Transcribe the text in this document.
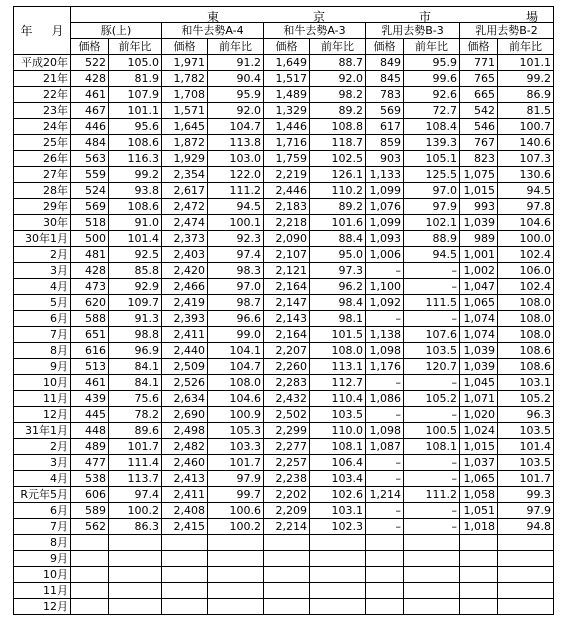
年 月	東 京 市 場									

	豚(上)		和牛去勢A-4		和牛去勢A-3		乳用去勢B-3		乳用去勢B-2	
	価格	前年比	価格	前年比	価格	前年比	価格	前年比	価格	前年比
平成20年	522	105.0	1,971	91.2	1,649	88.7	849	95.9	771	101.1
21年	428	81.9	1,782	90.4	1,517	92.0	845	99.6	765	99.2
22年	461	107.9	1,708	95.9	1,489	98.2	783	92.6	665	86.9
23年	467	101.1	1,571	92.0	1,329	89.2	569	72.7	542	81.5
24年	446	95.6	1,645	104.7	1,446	108.8	617	108.4	546	100.7
25年	484	108.6	1,872	113.8	1,716	118.7	859	139.3	767	140.6
26年	563	116.3	1,929	103.0	1,759	102.5	903	105.1	823	107.3
27年	559	99.2	2,354	122.0	2,219	126.1	1,133	125.5	1,075	130.6
28年	524	93.8	2,617	111.2	2,446	110.2	1,099	97.0	1,015	94.5
29年	569	108.6	2,472	94.5	2,183	89.2	1,076	97.9	993	97.8
30年	518	91.0	2,474	100.1	2,218	101.6	1,099	102.1	1,039	104.6
30年1月	500	101.4	2,373	92.3	2,090	88.4	1,093	88.9	989	100.0
2月	481	92.5	2,403	97.4	2,107	95.0	1,006	94.5	1,001	102.4
3月	428	85.8	2,420	98.3	2,121	97.3	–	–	1,002	106.0
4月	473	92.9	2,466	97.0	2,164	96.2	1,100	–	1,047	102.4
5月	620	109.7	2,419	98.7	2,147	98.4	1,092	111.5	1,065	108.0
6月	588	91.3	2,393	96.6	2,143	98.1	–	–	1,074	108.0
7月	651	98.8	2,411	99.0	2,164	101.5	1,138	107.6	1,074	108.0
8月	616	96.9	2,440	104.1	2,207	108.0	1,098	103.5	1,039	108.6
9月	513	84.1	2,509	104.7	2,260	113.1	1,176	120.7	1,039	108.6
10月	461	84.1	2,526	108.0	2,283	112.7	–	–	1,045	103.1
11月	439	75.6	2,634	104.6	2,432	110.4	1,086	105.2	1,071	105.2
12月	445	78.2	2,690	100.9	2,502	103.5	–	–	1,020	96.3
31年1月	448	89.6	2,498	105.3	2,299	110.0	1,098	100.5	1,024	103.5
2月	489	101.7	2,482	103.3	2,277	108.1	1,087	108.1	1,015	101.4
3月	477	111.4	2,460	101.7	2,257	106.4	–	–	1,037	103.5
4月	538	113.7	2,413	97.9	2,238	103.4	–	–	1,065	101.7
R元年5月	606	97.4	2,411	99.7	2,202	102.6	1,214	111.2	1,058	99.3
6月	589	100.2	2,408	100.6	2,209	103.1	–	–	1,051	97.9
7月	562	86.3	2,415	100.2	2,214	102.3	–	–	1,018	94.8
8月										
9月										
10月										
11月										
12月										
